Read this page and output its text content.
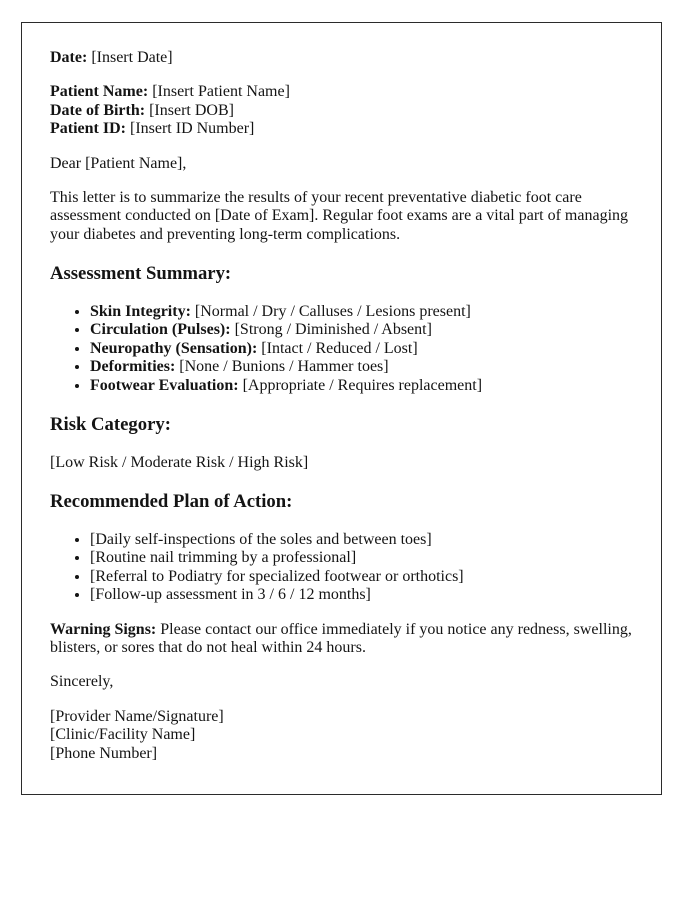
Date: [Insert Date]

Patient Name: [Insert Patient Name]
Date of Birth: [Insert DOB]
Patient ID: [Insert ID Number]

Dear [Patient Name],

This letter is to summarize the results of your recent preventative diabetic foot care assessment conducted on [Date of Exam]. Regular foot exams are a vital part of managing your diabetes and preventing long-term complications.

Assessment Summary:
• Skin Integrity: [Normal / Dry / Calluses / Lesions present]
• Circulation (Pulses): [Strong / Diminished / Absent]
• Neuropathy (Sensation): [Intact / Reduced / Lost]
• Deformities: [None / Bunions / Hammer toes]
• Footwear Evaluation: [Appropriate / Requires replacement]
Risk Category:

[Low Risk / Moderate Risk / High Risk]

Recommended Plan of Action:
• [Daily self-inspections of the soles and between toes]
• [Routine nail trimming by a professional]
• [Referral to Podiatry for specialized footwear or orthotics]
• [Follow-up assessment in 3 / 6 / 12 months]

Warning Signs: Please contact our office immediately if you notice any redness, swelling, blisters, or sores that do not heal within 24 hours.

Sincerely,

[Provider Name/Signature]
[Clinic/Facility Name]
[Phone Number]
